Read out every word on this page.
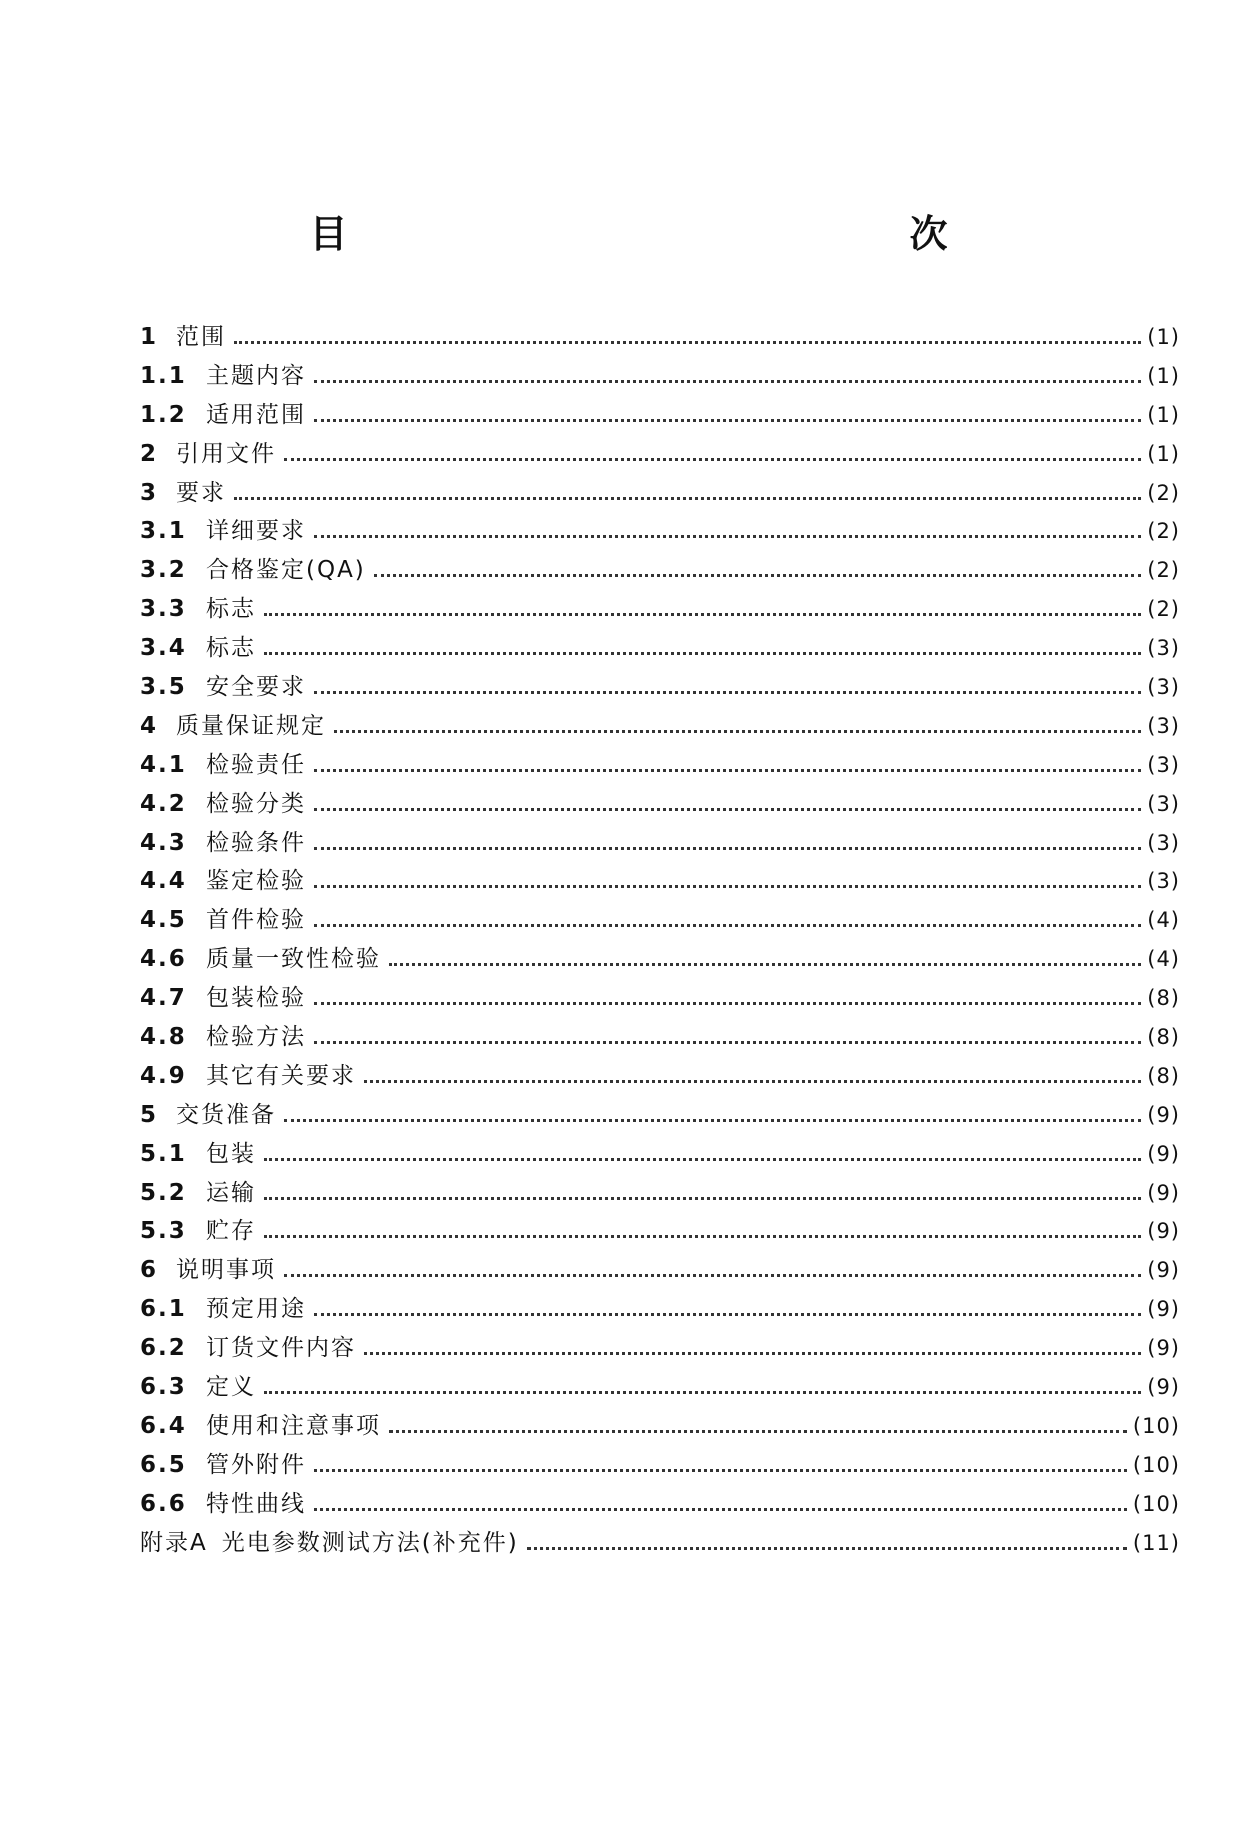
目　　　次
1 范围	(1)
1.1 主题内容	(1)
1.2 适用范围	(1)
2 引用文件	(1)
3 要求	(2)
3.1 详细要求	(2)
3.2 合格鉴定(QA)	(2)
3.3 标志	(2)
3.4 标志	(3)
3.5 安全要求	(3)
4 质量保证规定	(3)
4.1 检验责任	(3)
4.2 检验分类	(3)
4.3 检验条件	(3)
4.4 鉴定检验	(3)
4.5 首件检验	(4)
4.6 质量一致性检验	(4)
4.7 包装检验	(8)
4.8 检验方法	(8)
4.9 其它有关要求	(8)
5 交货准备	(9)
5.1 包装	(9)
5.2 运输	(9)
5.3 贮存	(9)
6 说明事项	(9)
6.1 预定用途	(9)
6.2 订货文件内容	(9)
6.3 定义	(9)
6.4 使用和注意事项	(10)
6.5 管外附件	(10)
6.6 特性曲线	(10)
附录A 光电参数测试方法(补充件)	(11)
